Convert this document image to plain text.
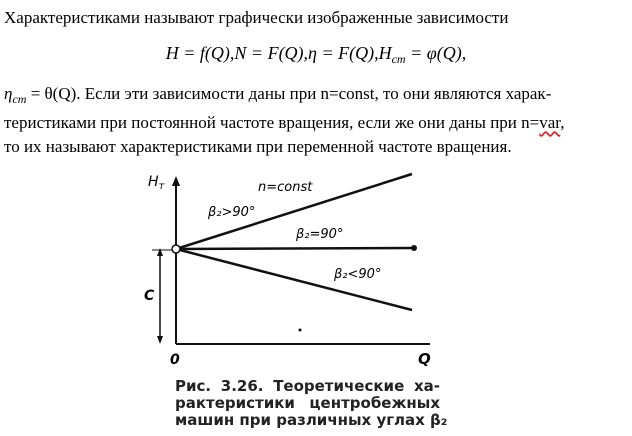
Характеристиками называют графически изображенные зависимости
$H = f(Q),N = F(Q),\eta = F(Q),H_{ст} = \varphi(Q)$,
$\eta_{ст} = \theta(Q)$. Если эти зависимости даны при n=const, то они являются харак-
теристиками при постоянной частоте вращения, если же они даны при n=var,
то их называют характеристиками при переменной частоте вращения.
$H_т$
C
0	Q
n=const
β₂>90°
β₂=90°
β₂<90°
Рис. 3.26. Теоретические ха-
рактеристики центробежных
машин при различных углах β₂
